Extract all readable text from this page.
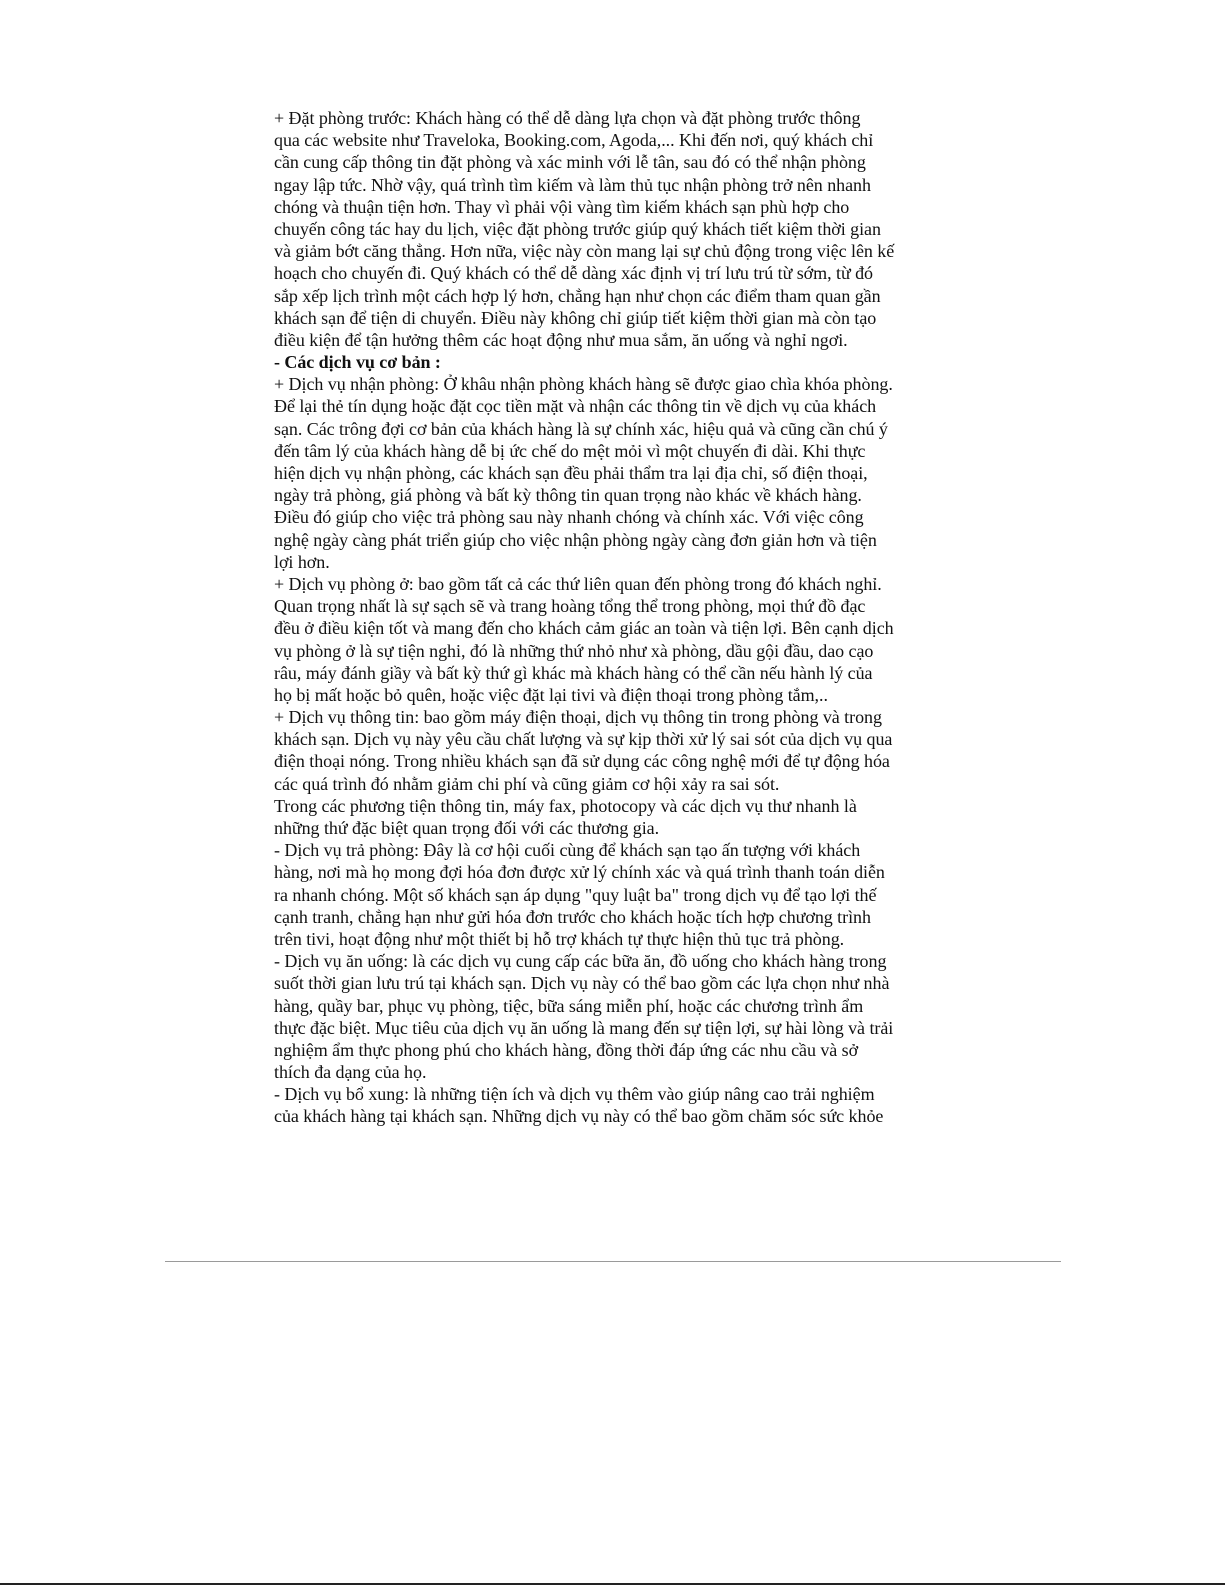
+ Đặt phòng trước: Khách hàng có thể dễ dàng lựa chọn và đặt phòng trước thông
qua các website như Traveloka, Booking.com, Agoda,... Khi đến nơi, quý khách chỉ
cần cung cấp thông tin đặt phòng và xác minh với lễ tân, sau đó có thể nhận phòng
ngay lập tức. Nhờ vậy, quá trình tìm kiếm và làm thủ tục nhận phòng trở nên nhanh
chóng và thuận tiện hơn. Thay vì phải vội vàng tìm kiếm khách sạn phù hợp cho
chuyến công tác hay du lịch, việc đặt phòng trước giúp quý khách tiết kiệm thời gian
và giảm bớt căng thẳng. Hơn nữa, việc này còn mang lại sự chủ động trong việc lên kế
hoạch cho chuyến đi. Quý khách có thể dễ dàng xác định vị trí lưu trú từ sớm, từ đó
sắp xếp lịch trình một cách hợp lý hơn, chẳng hạn như chọn các điểm tham quan gần
khách sạn để tiện di chuyển. Điều này không chỉ giúp tiết kiệm thời gian mà còn tạo
điều kiện để tận hưởng thêm các hoạt động như mua sắm, ăn uống và nghỉ ngơi.
- Các dịch vụ cơ bản :
+ Dịch vụ nhận phòng: Ở khâu nhận phòng khách hàng sẽ được giao chìa khóa phòng.
Để lại thẻ tín dụng hoặc đặt cọc tiền mặt và nhận các thông tin về dịch vụ của khách
sạn. Các trông đợi cơ bản của khách hàng là sự chính xác, hiệu quả và cũng cần chú ý
đến tâm lý của khách hàng dễ bị ức chế do mệt mỏi vì một chuyến đi dài. Khi thực
hiện dịch vụ nhận phòng, các khách sạn đều phải thẩm tra lại địa chỉ, số điện thoại,
ngày trả phòng, giá phòng và bất kỳ thông tin quan trọng nào khác về khách hàng.
Điều đó giúp cho việc trả phòng sau này nhanh chóng và chính xác. Với việc công
nghệ ngày càng phát triển giúp cho việc nhận phòng ngày càng đơn giản hơn và tiện
lợi hơn.
+ Dịch vụ phòng ở: bao gồm tất cả các thứ liên quan đến phòng trong đó khách nghỉ.
Quan trọng nhất là sự sạch sẽ và trang hoàng tổng thể trong phòng, mọi thứ đồ đạc
đều ở điều kiện tốt và mang đến cho khách cảm giác an toàn và tiện lợi. Bên cạnh dịch
vụ phòng ở là sự tiện nghi, đó là những thứ nhỏ như xà phòng, dầu gội đầu, dao cạo
râu, máy đánh giầy và bất kỳ thứ gì khác mà khách hàng có thể cần nếu hành lý của
họ bị mất hoặc bỏ quên, hoặc việc đặt lại tivi và điện thoại trong phòng tắm,..
+ Dịch vụ thông tin: bao gồm máy điện thoại, dịch vụ thông tin trong phòng và trong
khách sạn. Dịch vụ này yêu cầu chất lượng và sự kịp thời xử lý sai sót của dịch vụ qua
điện thoại nóng. Trong nhiều khách sạn đã sử dụng các công nghệ mới để tự động hóa
các quá trình đó nhằm giảm chi phí và cũng giảm cơ hội xảy ra sai sót.
Trong các phương tiện thông tin, máy fax, photocopy và các dịch vụ thư nhanh là
những thứ đặc biệt quan trọng đối với các thương gia.
- Dịch vụ trả phòng: Đây là cơ hội cuối cùng để khách sạn tạo ấn tượng với khách
hàng, nơi mà họ mong đợi hóa đơn được xử lý chính xác và quá trình thanh toán diễn
ra nhanh chóng. Một số khách sạn áp dụng "quy luật ba" trong dịch vụ để tạo lợi thế
cạnh tranh, chẳng hạn như gửi hóa đơn trước cho khách hoặc tích hợp chương trình
trên tivi, hoạt động như một thiết bị hỗ trợ khách tự thực hiện thủ tục trả phòng.
- Dịch vụ ăn uống: là các dịch vụ cung cấp các bữa ăn, đồ uống cho khách hàng trong
suốt thời gian lưu trú tại khách sạn. Dịch vụ này có thể bao gồm các lựa chọn như nhà
hàng, quầy bar, phục vụ phòng, tiệc, bữa sáng miễn phí, hoặc các chương trình ẩm
thực đặc biệt. Mục tiêu của dịch vụ ăn uống là mang đến sự tiện lợi, sự hài lòng và trải
nghiệm ẩm thực phong phú cho khách hàng, đồng thời đáp ứng các nhu cầu và sở
thích đa dạng của họ.
- Dịch vụ bổ xung: là những tiện ích và dịch vụ thêm vào giúp nâng cao trải nghiệm
của khách hàng tại khách sạn. Những dịch vụ này có thể bao gồm chăm sóc sức khỏe
